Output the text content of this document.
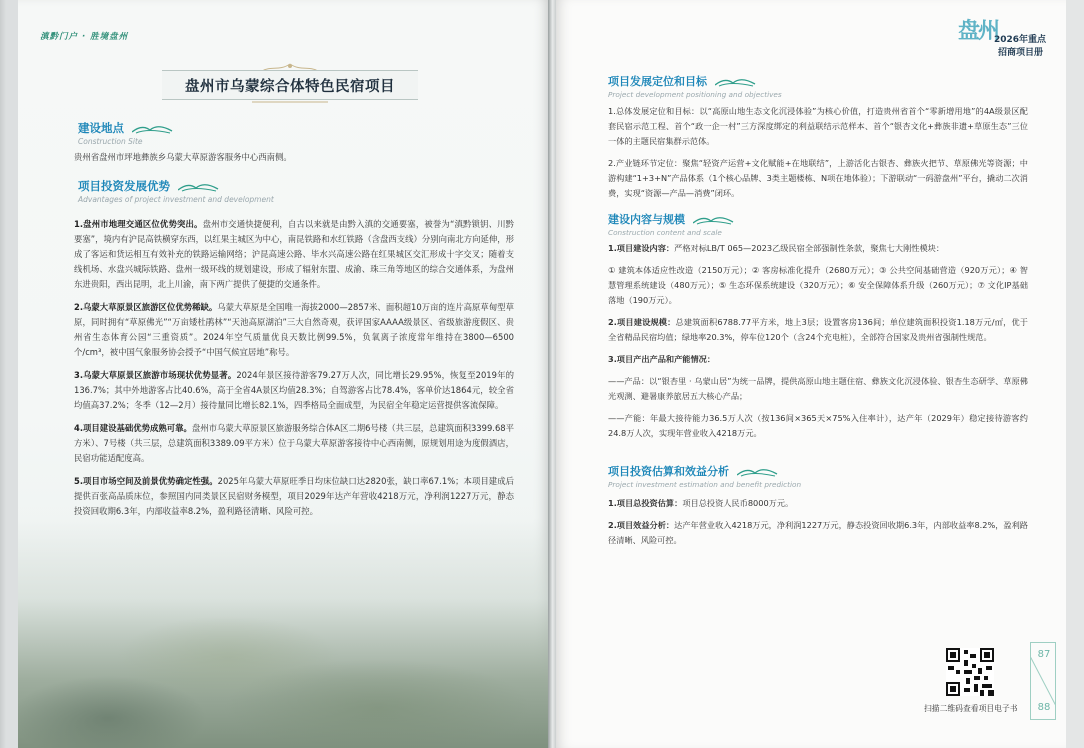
滇黔门户 · 胜境盘州
盘州市乌蒙综合体特色民宿项目
建设地点
Construction Site

贵州省盘州市坪地彝族乡乌蒙大草原游客服务中心西南侧。

项目投资发展优势
Advantages of project investment and development

1.盘州市地理交通区位优势突出。盘州市交通快捷便利，自古以来就是由黔入滇的交通要塞，被誉为“滇黔锁钥、川黔要塞”，境内有沪昆高铁横穿东西，以红果主城区为中心，南昆铁路和水红铁路（含盘西支线）分别向南北方向延伸，形成了客运和货运相互有效补充的铁路运输网络；沪昆高速公路、毕水兴高速公路在红果城区交汇形成十字交叉；随着支线机场、水盘兴城际铁路、盘州一级环线的规划建设，形成了辐射东盟、成渝、珠三角等地区的综合交通体系，为盘州东进贵阳，西出昆明，北上川渝，南下两广提供了便捷的交通条件。

2.乌蒙大草原景区旅游区位优势稀缺。乌蒙大草原是全国唯一海拔2000—2857米、面积超10万亩的连片高原草甸型草原，同时拥有“草原佛光”“万亩矮杜鹃林”“天池高原湖泊”三大自然奇观，获评国家AAAA级景区、省级旅游度假区、贵州省生态体育公园“三重资质”。2024年空气质量优良天数比例99.5%，负氧离子浓度常年维持在3800—6500个/cm³，被中国气象服务协会授予“中国气候宜居地”称号。

3.乌蒙大草原景区旅游市场现状优势显著。2024年景区接待游客79.27万人次，同比增长29.95%，恢复至2019年的136.7%；其中外地游客占比40.6%，高于全省4A景区均值28.3%；自驾游客占比78.4%，客单价达1864元，较全省均值高37.2%；冬季（12—2月）接待量同比增长82.1%，四季格局全面成型，为民宿全年稳定运营提供客流保障。

4.项目建设基础优势成熟可靠。盘州市乌蒙大草原景区旅游服务综合体A区二期6号楼（共三层，总建筑面积3399.68平方米）、7号楼（共三层，总建筑面积3389.09平方米）位于乌蒙大草原游客接待中心西南侧，原规划用途为度假酒店，民宿功能适配度高。

5.项目市场空间及前景优势确定性强。2025年乌蒙大草原旺季日均床位缺口达2820张，缺口率67.1%；本项目建成后提供百张高品质床位，参照国内同类景区民宿财务模型，项目2029年达产年营收4218万元，净利润1227万元，静态投资回收期6.3年，内部收益率8.2%，盈利路径清晰、风险可控。

盘州
2026年重点
招商项目册
项目发展定位和目标
Project development positioning and objectives

1.总体发展定位和目标：以“高原山地生态文化沉浸体验”为核心价值，打造贵州省首个“零新增用地”的4A级景区配套民宿示范工程、首个“政一企一村”三方深度绑定的利益联结示范样本、首个“银杏文化+彝族非遗+草原生态”三位一体的主题民宿集群示范体。

2.产业链环节定位：聚焦“轻资产运营+文化赋能+在地联结”，上游活化古银杏、彝族火把节、草原佛光等资源；中游构建“1+3+N”产品体系（1个核心品牌、3类主题楼栋、N项在地体验）；下游联动“一码游盘州”平台，撬动二次消费，实现“资源—产品—消费”闭环。

建设内容与规模
Construction content and scale

1.项目建设内容：严格对标LB/T 065—2023乙级民宿全部强制性条款，聚焦七大刚性模块：

① 建筑本体适应性改造（2150万元）；② 客房标准化提升（2680万元）；③ 公共空间基础营造（920万元）；④ 智慧管理系统建设（480万元）；⑤ 生态环保系统建设（320万元）；⑥ 安全保障体系升级（260万元）；⑦ 文化IP基础落地（190万元）。

2.项目建设规模：总建筑面积6788.77平方米，地上3层；设置客房136间；单位建筑面积投资1.18万元/㎡，优于全省精品民宿均值；绿地率20.3%，停车位120个（含24个充电桩），全部符合国家及贵州省强制性规范。

3.项目产出产品和产能情况：

——产品：以“银杏里 · 乌蒙山居”为统一品牌，提供高原山地主题住宿、彝族文化沉浸体验、银杏生态研学、草原佛光观测、避暑康养旅居五大核心产品；

——产能：年最大接待能力36.5万人次（按136间×365天×75%入住率计），达产年（2029年）稳定接待游客约24.8万人次，实现年营业收入4218万元。

项目投资估算和效益分析
Project investment estimation and benefit prediction

1.项目总投资估算：项目总投资人民币8000万元。

2.项目效益分析：达产年营业收入4218万元，净利润1227万元，静态投资回收期6.3年，内部收益率8.2%，盈利路径清晰、风险可控。

扫描二维码查看项目电子书
87
88
